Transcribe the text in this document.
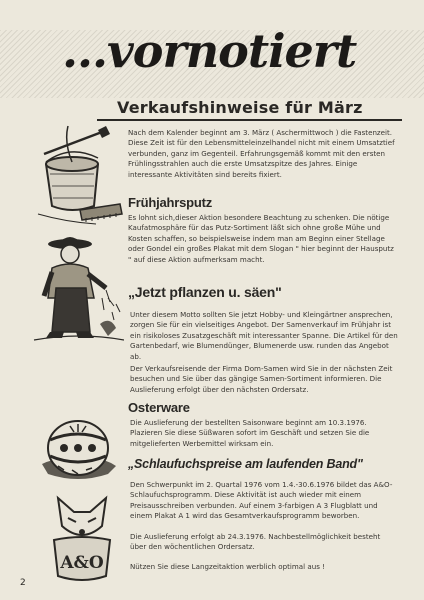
...vornotiert
Verkaufshinweise für März
A&O
Nach dem Kalender beginnt am 3. März ( Aschermittwoch ) die Fastenzeit. Diese Zeit ist für den Lebensmitteleinzelhandel nicht mit einem Umsatztief verbunden, ganz im Gegenteil. Erfahrungsgemäß kommt mit den ersten Frühlingsstrahlen auch die erste Umsatzspitze des Jahres. Einige interessante Aktivitäten sind bereits fixiert.
Frühjahrsputz
Es lohnt sich,dieser Aktion besondere Beachtung zu schenken. Die nötige Kaufatmosphäre für das Putz-Sortiment läßt sich ohne große Mühe und Kosten schaffen, so beispielsweise indem man am Beginn einer Stellage oder Gondel ein großes Plakat mit dem Slogan " hier beginnt der Hausputz " auf diese Aktion aufmerksam macht.
„Jetzt pflanzen u. säen"
Unter diesem Motto sollten Sie jetzt Hobby- und Kleingärtner ansprechen, zorgen Sie für ein vielseitiges Angebot. Der Samenverkauf im Frühjahr ist ein risikoloses Zusatzgeschäft mit interessanter Spanne. Die Artikel für den Gartenbedarf, wie Blumendünger, Blumenerde usw. runden das Angebot ab.
Der Verkaufsreisende der Firma Dom-Samen wird Sie in der nächsten Zeit besuchen und Sie über das gängige Samen-Sortiment informieren. Die Auslieferung erfolgt über den nächsten Ordersatz.
Osterware
Die Auslieferung der bestellten Saisonware beginnt am 10.3.1976. Plazieren Sie diese Süßwaren sofort im Geschäft und setzen Sie die mitgelieferten Werbemittel wirksam ein.
„Schlaufuchspreise am laufenden Band"
Den Schwerpunkt im 2. Quartal 1976 vom 1.4.-30.6.1976 bildet das A&O-Schlaufuchsprogramm. Diese Aktivität ist auch wieder mit einem Preisausschreiben verbunden. Auf einem 3-farbigen A 3 Flugblatt und einem Plakat A 1 wird das Gesamtverkaufsprogramm beworben.
Die Auslieferung erfolgt ab 24.3.1976. Nachbestellmöglichkeit besteht über den wöchentlichen Ordersatz.
Nützen Sie diese Langzeitaktion werblich optimal aus !
2
